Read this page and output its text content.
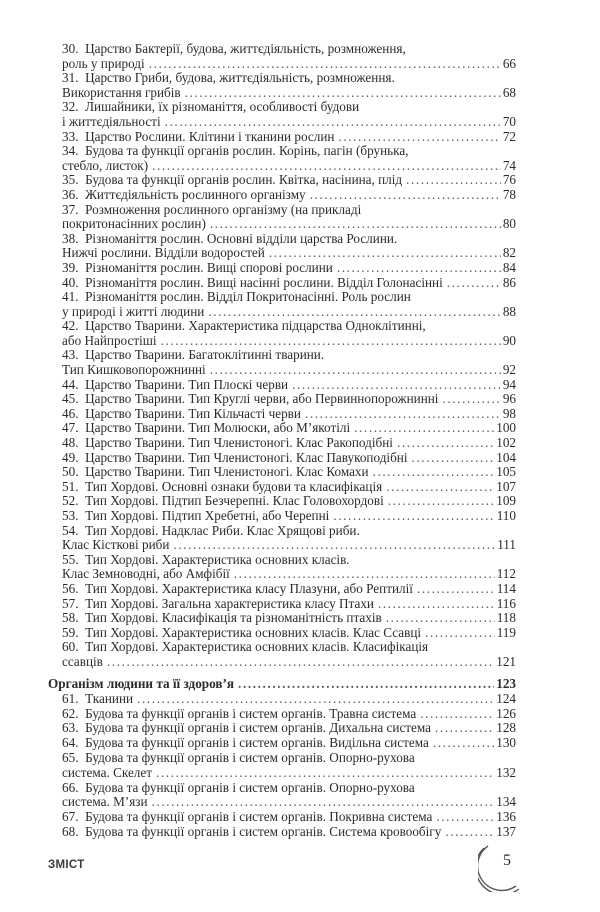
30. Царство Бактерії, будова, життєдіяльність, розмноження,
роль у природі .....	66
31. Царство Гриби, будова, життєдіяльність, розмноження.
Використання грибів .....	68
32. Лишайники, їх різноманіття, особливості будови
і життєдіяльності .....	70
33. Царство Рослини. Клітини і тканини рослин .....	72
34. Будова та функції органів рослин. Корінь, пагін (брунька,
стебло, листок) .....	74
35. Будова та функції органів рослин. Квітка, насінина, плід .....	76
36. Життєдіяльність рослинного організму .....	78
37. Розмноження рослинного організму (на прикладі
покритонасінних рослин) .....	80
38. Різноманіття рослин. Основні відділи царства Рослини.
Нижчі рослини. Відділи водоростей .....	82
39. Різноманіття рослин. Вищі спорові рослини .....	84
40. Різноманіття рослин. Вищі насінні рослини. Відділ Голонасінні .....	86
41. Різноманіття рослин. Відділ Покритонасінні. Роль рослин
у природі і житті людини .....	88
42. Царство Тварини. Характеристика підцарства Одноклітинні,
або Найпростіші .....	90
43. Царство Тварини. Багатоклітинні тварини.
Тип Кишковопорожнинні .....	92
44. Царство Тварини. Тип Плоскі черви .....	94
45. Царство Тварини. Тип Круглі черви, або Первиннопорожнинні .....	96
46. Царство Тварини. Тип Кільчасті черви .....	98
47. Царство Тварини. Тип Молюски, або М’якотілі .....	100
48. Царство Тварини. Тип Членистоногі. Клас Ракоподібні .....	102
49. Царство Тварини. Тип Членистоногі. Клас Павукоподібні .....	104
50. Царство Тварини. Тип Членистоногі. Клас Комахи .....	105
51. Тип Хордові. Основні ознаки будови та класифікація .....	107
52. Тип Хордові. Підтип Безчерепні. Клас Головохордові .....	109
53. Тип Хордові. Підтип Хребетні, або Черепні .....	110
54. Тип Хордові. Надклас Риби. Клас Хрящові риби.
Клас Кісткові риби .....	111
55. Тип Хордові. Характеристика основних класів.
Клас Земноводні, або Амфібії .....	112
56. Тип Хордові. Характеристика класу Плазуни, або Рептилії .....	114
57. Тип Хордові. Загальна характеристика класу Птахи .....	116
58. Тип Хордові. Класифікація та різноманітність птахів .....	118
59. Тип Хордові. Характеристика основних класів. Клас Ссавці .....	119
60. Тип Хордові. Характеристика основних класів. Класифікація
ссавців .....	121
Організм людини та її здоров’я .....	123
61. Тканини .....	124
62. Будова та функції органів і систем органів. Травна система .....	126
63. Будова та функції органів і систем органів. Дихальна система .....	128
64. Будова та функції органів і систем органів. Видільна система .....	130
65. Будова та функції органів і систем органів. Опорно-рухова
система. Скелет .....	132
66. Будова та функції органів і систем органів. Опорно-рухова
система. М’язи .....	134
67. Будова та функції органів і систем органів. Покривна система .....	136
68. Будова та функції органів і систем органів. Система кровообігу .....	137
ЗМІСТ	5
